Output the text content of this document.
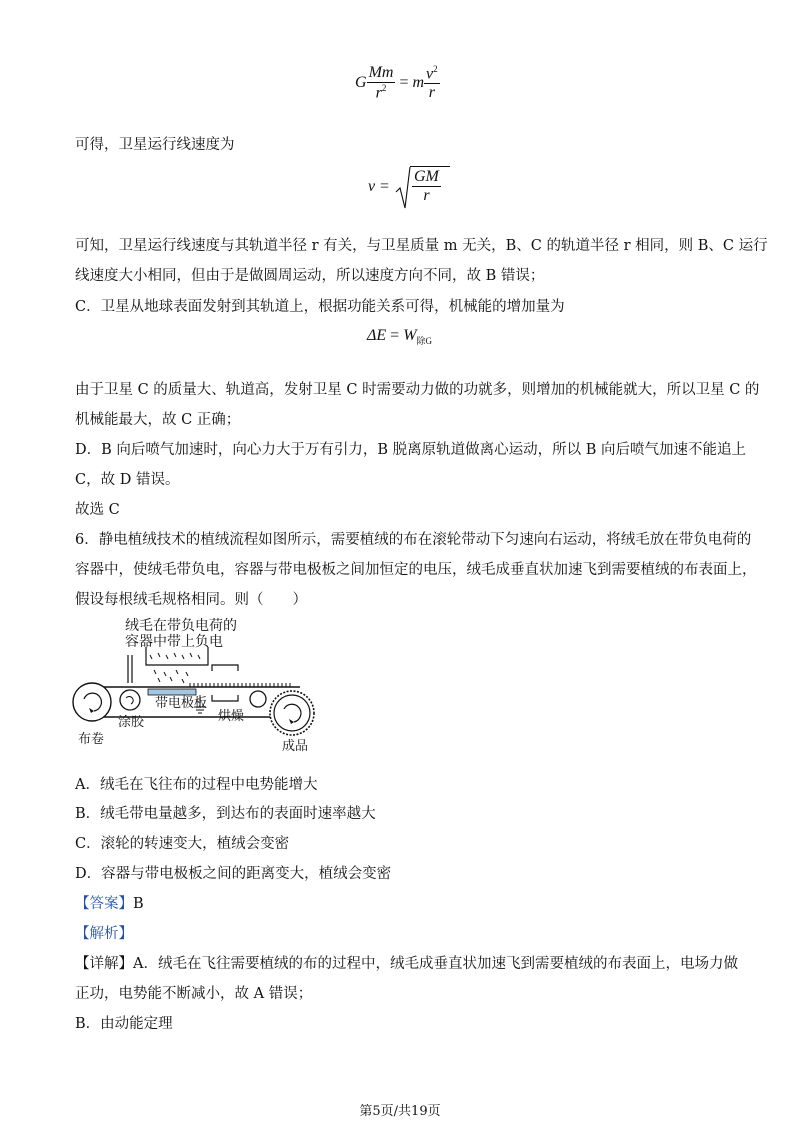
G $\frac{Mm}{r^2} = m \frac{v^2}{r}$
可得，卫星运行线速度为
$v = \frac{GM}{r}$
可知，卫星运行线速度与其轨道半径 r 有关，与卫星质量 m 无关，B、C 的轨道半径 r 相同，则 B、C 运行
线速度大小相同，但由于是做圆周运动，所以速度方向不同，故 B 错误；
C．卫星从地球表面发射到其轨道上，根据功能关系可得，机械能的增加量为
$\Delta E = W_{除G}$
由于卫星 C 的质量大、轨道高，发射卫星 C 时需要动力做的功就多，则增加的机械能就大，所以卫星 C 的
机械能最大，故 C 正确；
D．B 向后喷气加速时，向心力大于万有引力，B 脱离原轨道做离心运动，所以 B 向后喷气加速不能追上
C，故 D 错误。
故选 C
6．静电植绒技术的植绒流程如图所示，需要植绒的布在滚轮带动下匀速向右运动，将绒毛放在带负电荷的
容器中，使绒毛带负电，容器与带电极板之间加恒定的电压，绒毛成垂直状加速飞到需要植绒的布表面上，
假设每根绒毛规格相同。则（　　）
绒毛在带负电荷的
容器中带上负电
带电极板
涂胶	烘燥
布卷	成品
A．绒毛在飞往布的过程中电势能增大
B．绒毛带电量越多，到达布的表面时速率越大
C．滚轮的转速变大，植绒会变密
D．容器与带电极板之间的距离变大，植绒会变密
【答案】B
【解析】
【详解】A．绒毛在飞往需要植绒的布的过程中，绒毛成垂直状加速飞到需要植绒的布表面上，电场力做
正功，电势能不断减小，故 A 错误；
B．由动能定理
第5页/共19页
